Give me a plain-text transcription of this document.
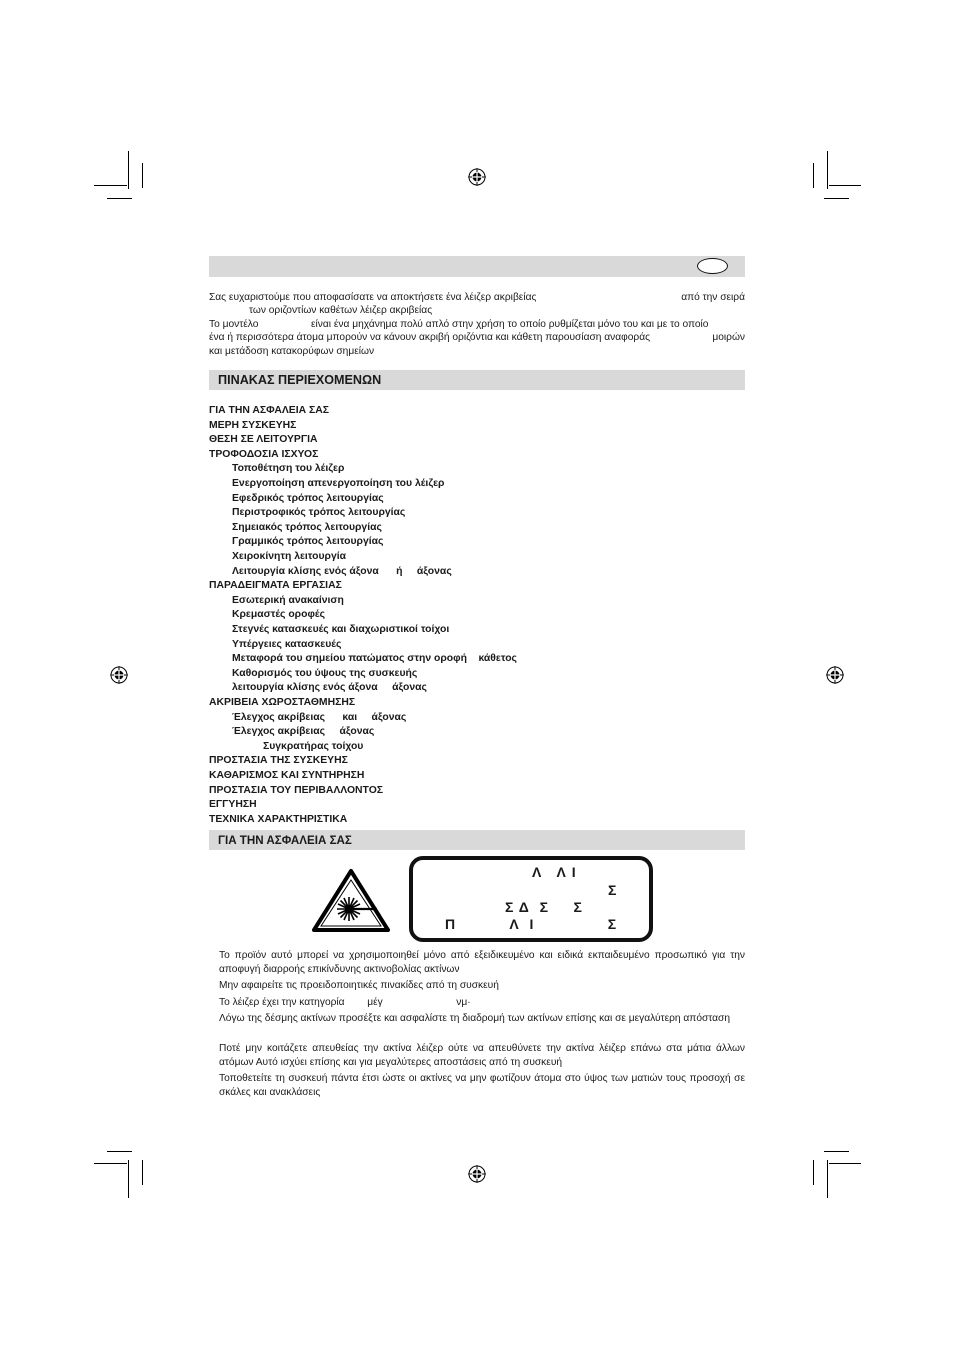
Σας ευχαριστούμε που αποφασίσατε να αποκτήσετε ένα λέιζερ ακριβείας	από την σειρά
των οριζοντίων καθέτων λέιζερ ακριβείας
Το μοντέλο	είναι ένα μηχάνημα πολύ απλό στην χρήση το οποίο ρυθμίζεται μόνο του και με το οποίο
ένα ή περισσότερα άτομα μπορούν να κάνουν ακριβή οριζόντια και κάθετη παρουσίαση αναφοράς	μοιρών
και μετάδοση κατακορύφων σημείων
ΠΙΝΑΚΑΣ ΠΕΡΙΕΧΟΜΕΝΩΝ
ΓΙΑ ΤΗΝ ΑΣΦΑΛΕΙΑ ΣΑΣ
ΜΕΡΗ ΣΥΣΚΕΥΗΣ
ΘΕΣΗ ΣΕ ΛΕΙΤΟΥΡΓΙΑ
ΤΡΟΦΟΔΟΣΙΑ ΙΣΧΥΟΣ
Τοποθέτηση του λέιζερ
Ενεργοποίηση απενεργοποίηση του λέιζερ
Εφεδρικός τρόπος λειτουργίας
Περιστροφικός τρόπος λειτουργίας
Σημειακός τρόπος λειτουργίας
Γραμμικός τρόπος λειτουργίας
Χειροκίνητη λειτουργία
Λειτουργία κλίσης ενός άξονα      ή     άξονας
ΠΑΡΑΔΕΙΓΜΑΤΑ ΕΡΓΑΣΙΑΣ
Εσωτερική ανακαίνιση
Κρεμαστές οροφές
Στεγνές κατασκευές και διαχωριστικοί τοίχοι
Υπέργειες κατασκευές
Μεταφορά του σημείου πατώματος στην οροφή    κάθετος
Καθορισμός του ύψους της συσκευής
λειτουργία κλίσης ενός άξονα     άξονας
ΑΚΡΙΒΕΙΑ ΧΩΡΟΣΤΑΘΜΗΣΗΣ
Έλεγχος ακρίβειας      και     άξονας
Έλεγχος ακρίβειας     άξονας
Συγκρατήρας τοίχου
ΠΡΟΣΤΑΣΙΑ ΤΗΣ ΣΥΣΚΕΥΗΣ
ΚΑΘΑΡΙΣΜΟΣ ΚΑΙ ΣΥΝΤΗΡΗΣΗ
ΠΡΟΣΤΑΣΙΑ ΤΟΥ ΠΕΡΙΒΑΛΛΟΝΤΟΣ
ΕΓΓΥΗΣΗ
ΤΕΧΝΙΚΑ ΧΑΡΑΚΤΗΡΙΣΤΙΚΑ
ΓΙΑ ΤΗΝ ΑΣΦΑΛΕΙΑ ΣΑΣ
Λ   Λ Ι
Σ
Σ Δ  Σ     Σ
Π           Λ  Ι               Σ
Το προϊόν αυτό μπορεί να χρησιμοποιηθεί μόνο από εξειδικευμένο και ειδικά εκπαιδευμένο προσωπικό για την αποφυγή διαρροής επικίνδυνης ακτινοβολίας ακτίνων
Μην αφαιρείτε τις προειδοποιητικές πινακίδες από τη συσκευή
Το λέιζερ έχει την κατηγορία        μέγ                          νμ·
Λόγω της δέσμης ακτίνων προσέξτε και ασφαλίστε τη διαδρομή των ακτίνων επίσης και σε μεγαλύτερη απόσταση
Ποτέ μην κοιτάζετε απευθείας την ακτίνα λέιζερ ούτε να απευθύνετε την ακτίνα λέιζερ επάνω στα μάτια άλλων ατόμων Αυτό ισχύει επίσης και για μεγαλύτερες αποστάσεις από τη συσκευή
Τοποθετείτε τη συσκευή πάντα έτσι ώστε οι ακτίνες να μην φωτίζουν άτομα στο ύψος των ματιών τους προσοχή σε σκάλες και ανακλάσεις
